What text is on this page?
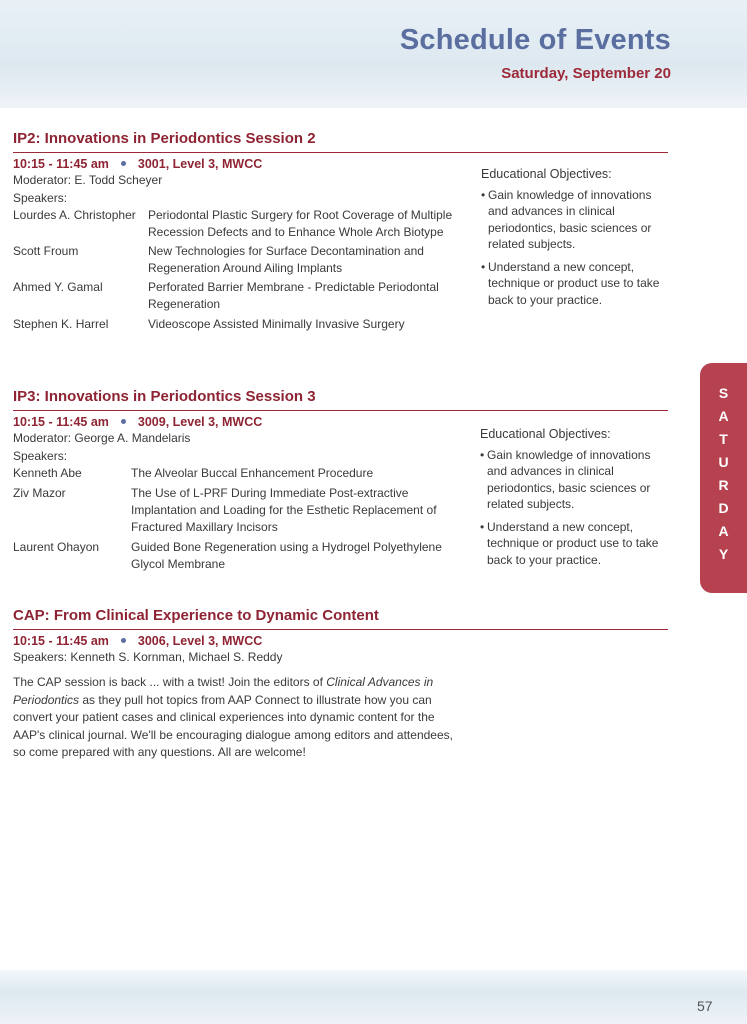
Schedule of Events
Saturday, September 20
IP2: Innovations in Periodontics Session 2
10:15 - 11:45 am 3001, Level 3, MWCC
Moderator: E. Todd Scheyer
Speakers:
Lourdes A. Christopher	Periodontal Plastic Surgery for Root Coverage of Multiple Recession Defects and to Enhance Whole Arch Biotype
Scott Froum	New Technologies for Surface Decontamination and Regeneration Around Ailing Implants
Ahmed Y. Gamal	Perforated Barrier Membrane - Predictable Periodontal Regeneration
Stephen K. Harrel	Videoscope Assisted Minimally Invasive Surgery
Educational Objectives:
• Gain knowledge of innovations and advances in clinical periodontics, basic sciences or related subjects.
• Understand a new concept, technique or product use to take back to your practice.
IP3: Innovations in Periodontics Session 3
10:15 - 11:45 am 3009, Level 3, MWCC
Moderator: George A. Mandelaris
Speakers:
Kenneth Abe	The Alveolar Buccal Enhancement Procedure
Ziv Mazor	The Use of L-PRF During Immediate Post-extractive Implantation and Loading for the Esthetic Replacement of Fractured Maxillary Incisors
Laurent Ohayon	Guided Bone Regeneration using a Hydrogel Polyethylene Glycol Membrane
Educational Objectives:
• Gain knowledge of innovations and advances in clinical periodontics, basic sciences or related subjects.
• Understand a new concept, technique or product use to take back to your practice.
CAP: From Clinical Experience to Dynamic Content
10:15 - 11:45 am 3006, Level 3, MWCC
Speakers: Kenneth S. Kornman, Michael S. Reddy
The CAP session is back ... with a twist! Join the editors of Clinical Advances in Periodontics as they pull hot topics from AAP Connect to illustrate how you can convert your patient cases and clinical experiences into dynamic content for the AAP's clinical journal. We'll be encouraging dialogue among editors and attendees, so come prepared with any questions. All are welcome!
S
A
T
U
R
D
A
Y
57
